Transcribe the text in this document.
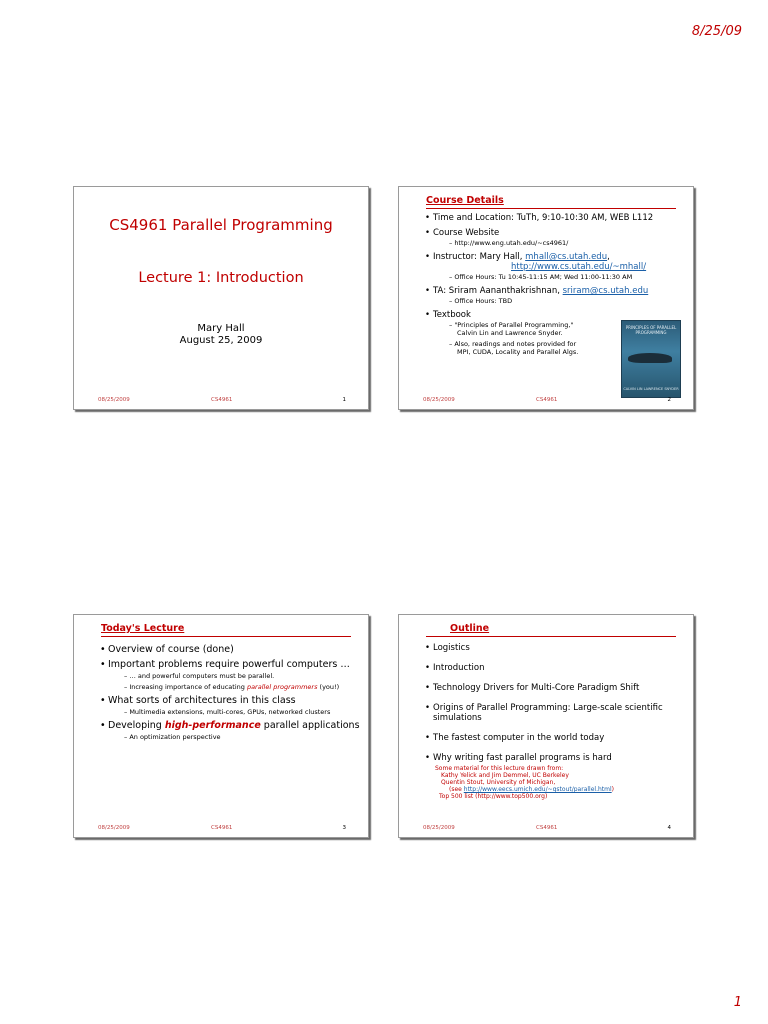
8/25/09
CS4961 Parallel Programming
Lecture 1: Introduction
Mary Hall
August 25, 2009
08/25/2009	CS4961	1
Course Details
• Time and Location: TuTh, 9:10-10:30 AM, WEB L112
• Course Website
– http://www.eng.utah.edu/~cs4961/
• Instructor: Mary Hall, mhall@cs.utah.edu,
http://www.cs.utah.edu/~mhall/
– Office Hours: Tu 10:45-11:15 AM; Wed 11:00-11:30 AM
• TA: Sriram Aananthakrishnan, sriram@cs.utah.edu
– Office Hours: TBD
• Textbook
– "Principles of Parallel Programming,"
Calvin Lin and Lawrence Snyder.
– Also, readings and notes provided for
MPI, CUDA, Locality and Parallel Algs.
PRINCIPLES OF PARALLEL PROGRAMMING
CALVIN LIN LAWRENCE SNYDER
08/25/2009	CS4961	2
Today's Lecture
• Overview of course (done)
• Important problems require powerful computers …
– … and powerful computers must be parallel.
– Increasing importance of educating parallel programmers (you!)
• What sorts of architectures in this class
– Multimedia extensions, multi-cores, GPUs, networked clusters
• Developing high-performance parallel applications
– An optimization perspective
08/25/2009	CS4961	3
Outline
• Logistics
• Introduction
• Technology Drivers for Multi-Core Paradigm Shift
• Origins of Parallel Programming: Large-scale scientific simulations
• The fastest computer in the world today
• Why writing fast parallel programs is hard
Some material for this lecture drawn from:
Kathy Yelick and Jim Demmel, UC Berkeley
Quentin Stout, University of Michigan,
(see http://www.eecs.umich.edu/~qstout/parallel.html)
Top 500 list (http://www.top500.org)
08/25/2009	CS4961	4
1
